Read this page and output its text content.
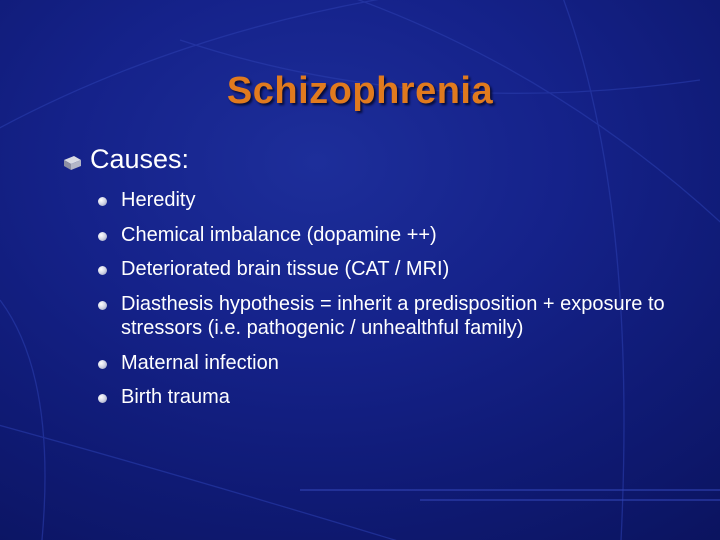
Schizophrenia
Causes:
Heredity
Chemical imbalance (dopamine ++)
Deteriorated brain tissue (CAT / MRI)
Diasthesis hypothesis = inherit a predisposition + exposure to stressors (i.e. pathogenic / unhealthful family)
Maternal infection
Birth trauma
